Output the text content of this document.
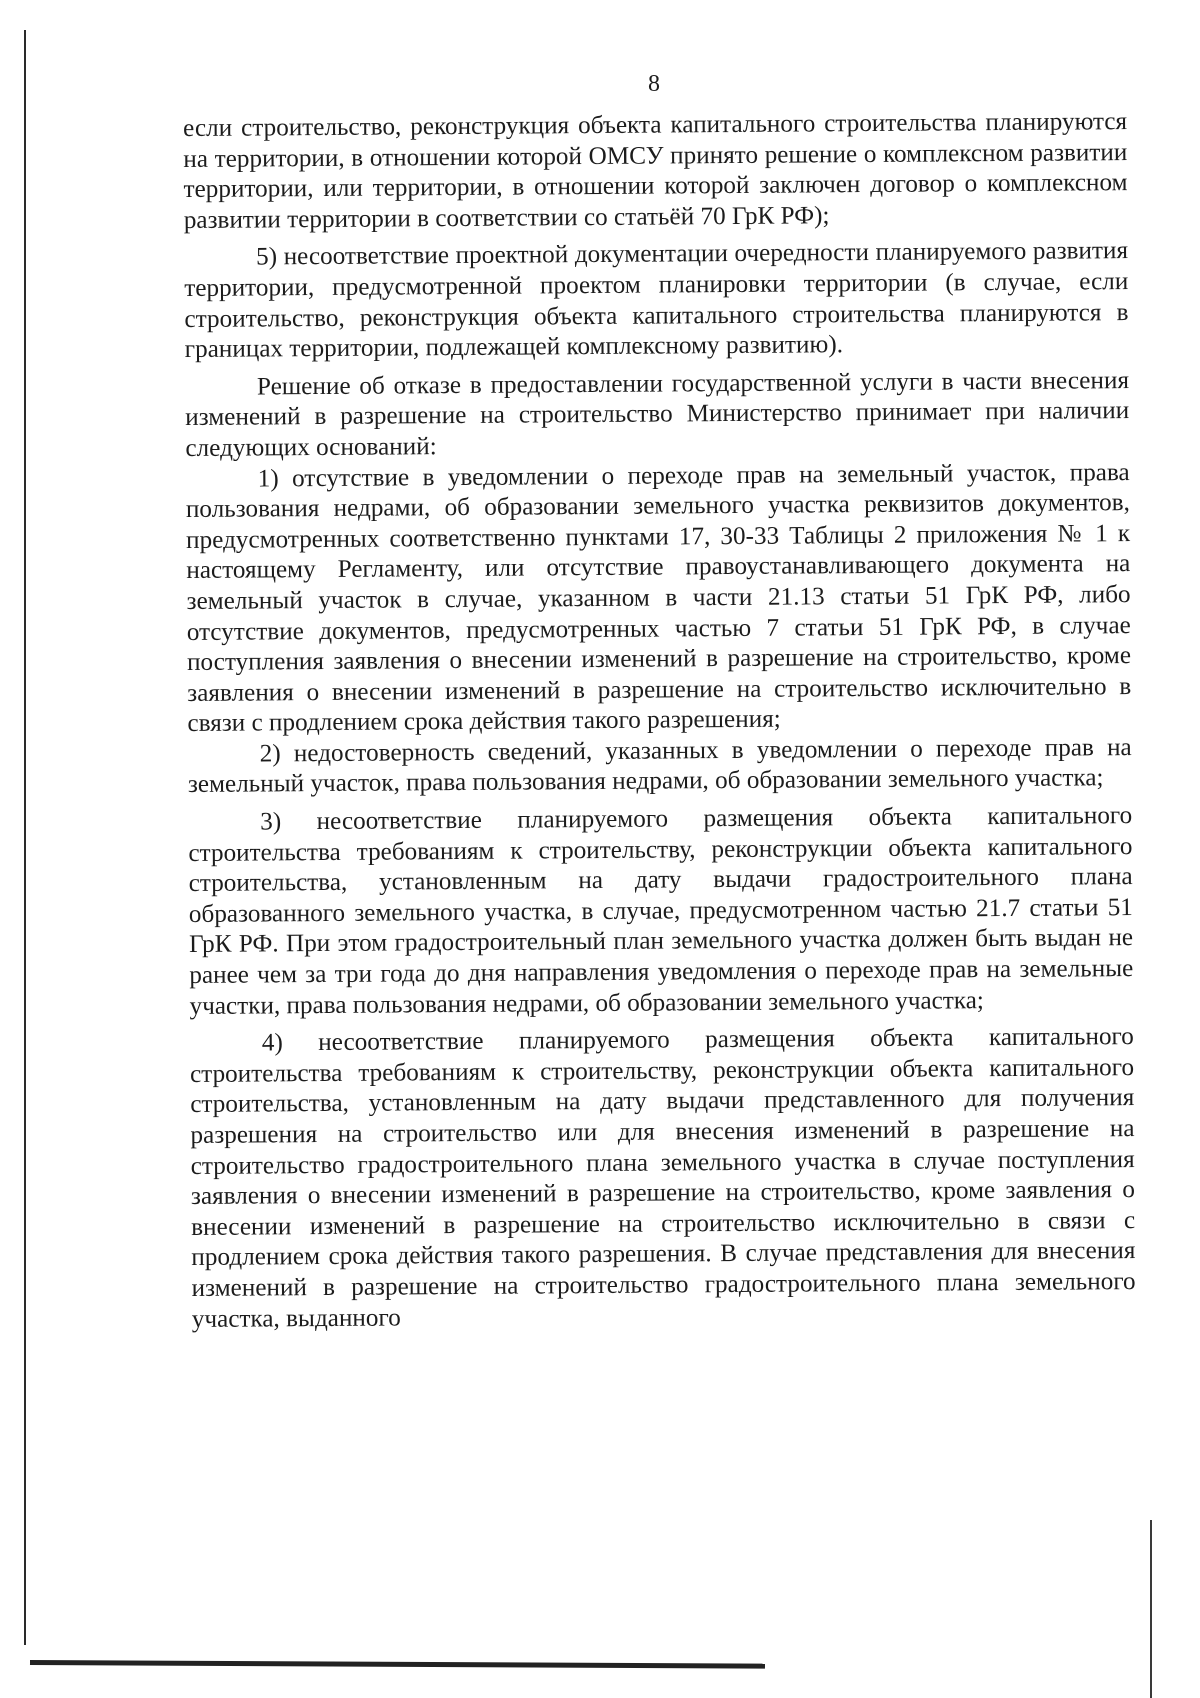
8

если строительство, реконструкция объекта капитального строительства планируются на территории, в отношении которой ОМСУ принято решение о комплексном развитии территории, или территории, в отношении которой заключен договор о комплексном развитии территории в соответствии со статьёй 70 ГрК РФ);

5) несоответствие проектной документации очередности планируемого развития территории, предусмотренной проектом планировки территории (в случае, если строительство, реконструкция объекта капитального строительства планируются в границах территории, подлежащей комплексному развитию).

Решение об отказе в предоставлении государственной услуги в части внесения изменений в разрешение на строительство Министерство принимает при наличии следующих оснований:

1) отсутствие в уведомлении о переходе прав на земельный участок, права пользования недрами, об образовании земельного участка реквизитов документов, предусмотренных соответственно пунктами 17, 30-33 Таблицы 2 приложения № 1 к настоящему Регламенту, или отсутствие правоустанавливающего документа на земельный участок в случае, указанном в части 21.13 статьи 51 ГрК РФ, либо отсутствие документов, предусмотренных частью 7 статьи 51 ГрК РФ, в случае поступления заявления о внесении изменений в разрешение на строительство, кроме заявления о внесении изменений в разрешение на строительство исключительно в связи с продлением срока действия такого разрешения;

2) недостоверность сведений, указанных в уведомлении о переходе прав на земельный участок, права пользования недрами, об образовании земельного участка;

3) несоответствие планируемого размещения объекта капитального строительства требованиям к строительству, реконструкции объекта капитального строительства, установленным на дату выдачи градостроительного плана образованного земельного участка, в случае, предусмотренном частью 21.7 статьи 51 ГрК РФ. При этом градостроительный план земельного участка должен быть выдан не ранее чем за три года до дня направления уведомления о переходе прав на земельные участки, права пользования недрами, об образовании земельного участка;

4) несоответствие планируемого размещения объекта капитального строительства требованиям к строительству, реконструкции объекта капитального строительства, установленным на дату выдачи представленного для получения разрешения на строительство или для внесения изменений в разрешение на строительство градостроительного плана земельного участка в случае поступления заявления о внесении изменений в разрешение на строительство, кроме заявления о внесении изменений в разрешение на строительство исключительно в связи с продлением срока действия такого разрешения. В случае представления для внесения изменений в разрешение на строительство градостроительного плана земельного участка, выданного
